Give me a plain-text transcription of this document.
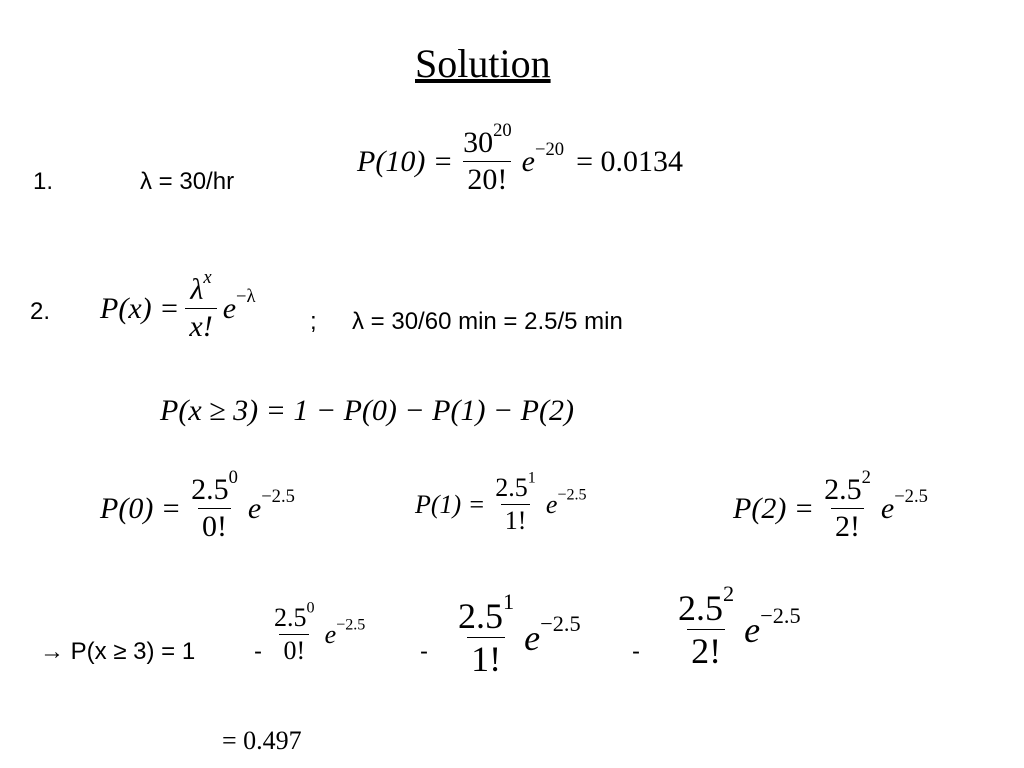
Solution
1.	λ = 30/hr
$P(10) = \frac{30^{20}}{20!} e^{-20} = 0.0134$
2. $P(x) = \frac{\lambda^x}{x!} e^{-\lambda}$
; λ = 30/60 min = 2.5/5 min
P(x ≥ 3) = 1 − P(0) − P(1) − P(2)
$P(0) = \frac{2.5^0}{0!} e^{-2.5}$	$P(1) = \frac{2.5^1}{1!} e^{-2.5}$	$P(2) = \frac{2.5^2}{2!} e^{-2.5}$
→ $P(x \ge 3) = 1 - \frac{2.5^0}{0!} e^{-2.5}$
- $\frac{2.5^1}{1!} e^{-2.5}$
- $\frac{2.5^2}{2!} e^{-2.5}$
= 0.497
